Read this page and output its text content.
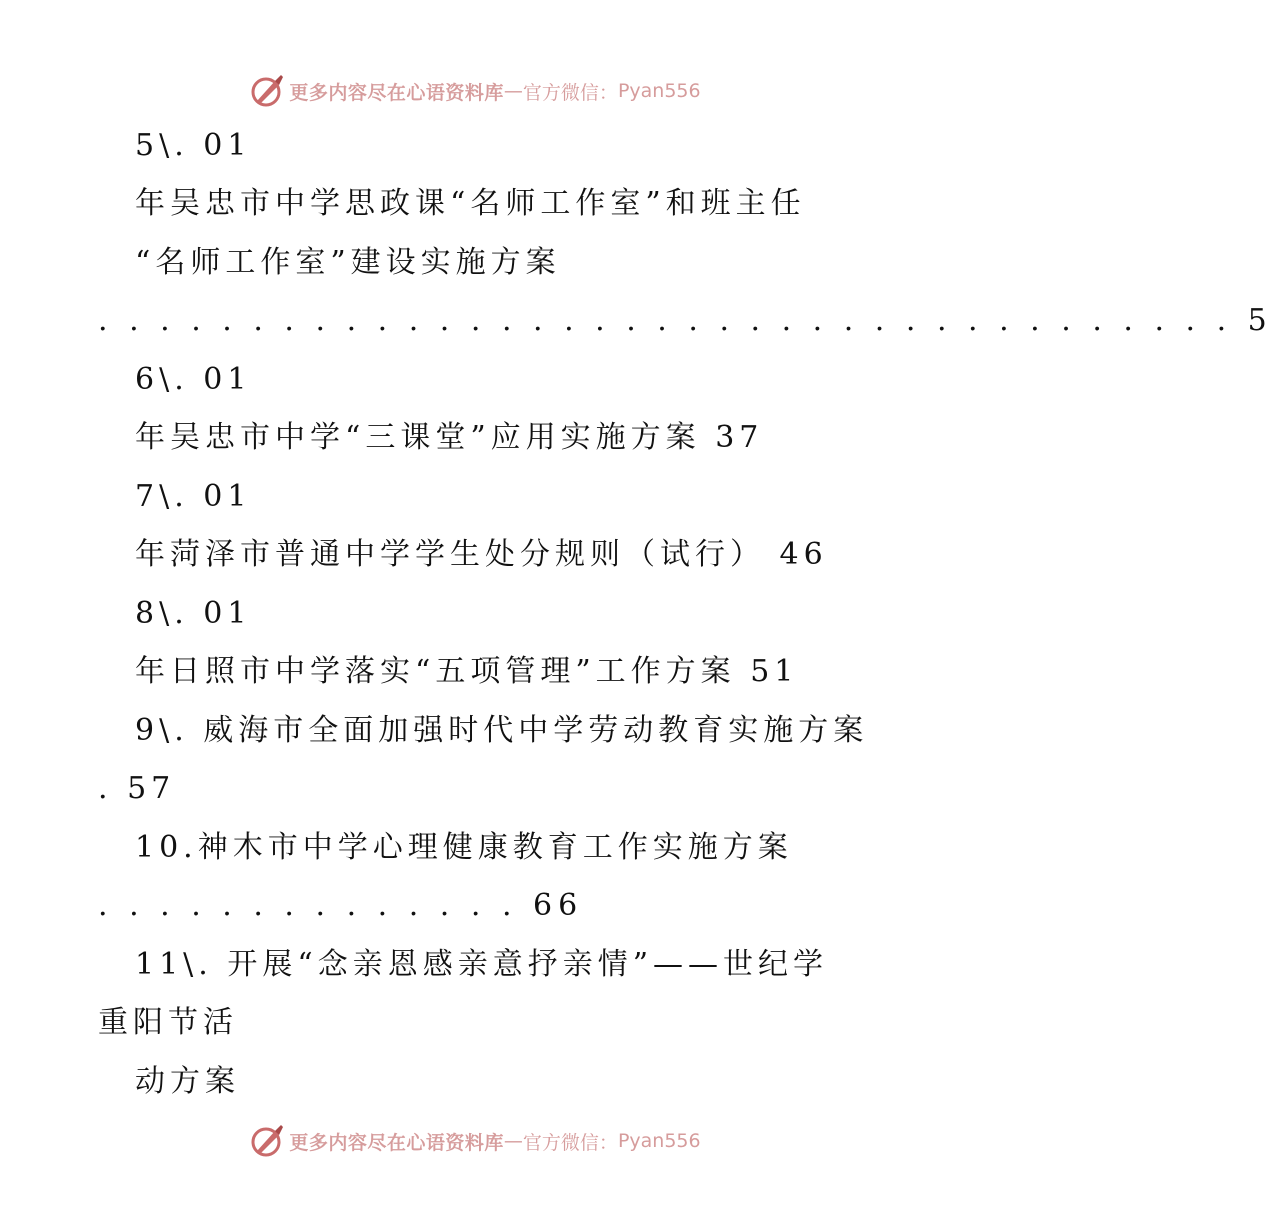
更多内容尽在心语资料库 — 官方微信： Pyan556
5\. 01
年吴忠市中学思政课“名师工作室”和班主任
“名师工作室”建设实施方案
. . . . . . . . . . . . . . . . . . . . . . . . . . . . . . . . . . . . . 5
6\. 01
年吴忠市中学“三课堂”应用实施方案 37
7\. 01
年菏泽市普通中学学生处分规则（试行） 46
8\. 01
年日照市中学落实“五项管理”工作方案 51
9\. 威海市全面加强时代中学劳动教育实施方案
. 57
10.神木市中学心理健康教育工作实施方案
. . . . . . . . . . . . . . 66
11\. 开展“念亲恩感亲意抒亲情”——世纪学
重阳节活
动方案
更多内容尽在心语资料库 — 官方微信： Pyan556
